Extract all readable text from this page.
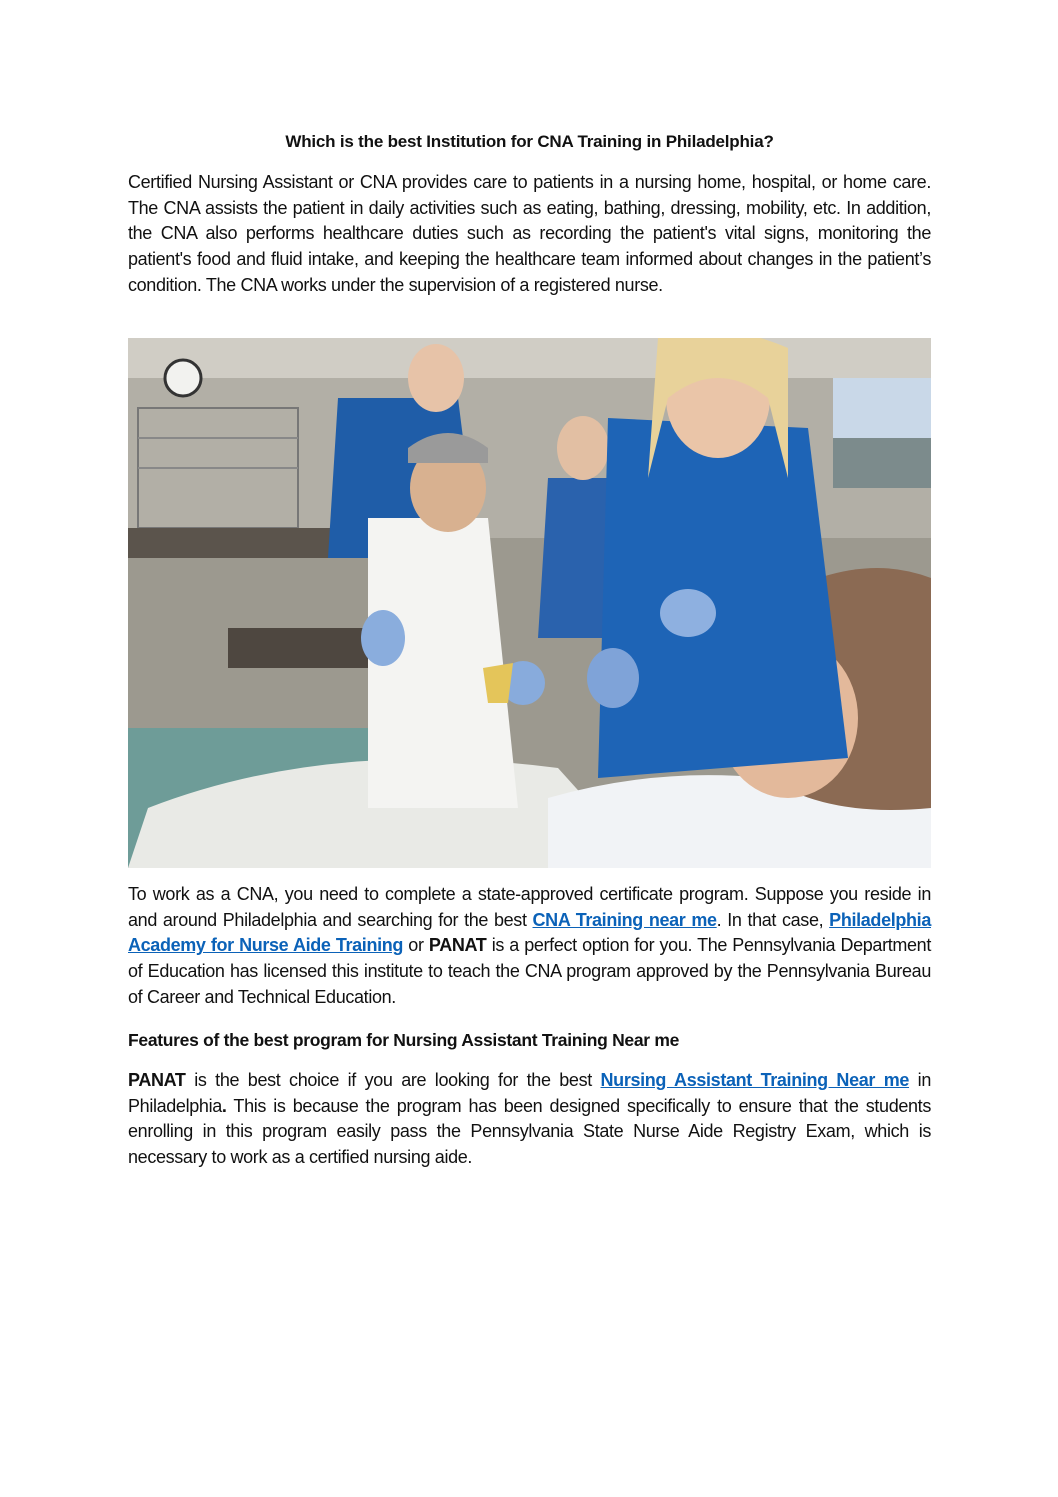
Which is the best Institution for CNA Training in Philadelphia?

Certified Nursing Assistant or CNA provides care to patients in a nursing home, hospital, or home care. The CNA assists the patient in daily activities such as eating, bathing, dressing, mobility, etc. In addition, the CNA also performs healthcare duties such as recording the patient's vital signs, monitoring the patient's food and fluid intake, and keeping the healthcare team informed about changes in the patient’s condition. The CNA works under the supervision of a registered nurse.

To work as a CNA, you need to complete a state-approved certificate program. Suppose you reside in and around Philadelphia and searching for the best CNA Training near me. In that case, Philadelphia Academy for Nurse Aide Training or PANAT is a perfect option for you. The Pennsylvania Department of Education has licensed this institute to teach the CNA program approved by the Pennsylvania Bureau of Career and Technical Education.

Features of the best program for Nursing Assistant Training Near me

PANAT is the best choice if you are looking for the best Nursing Assistant Training Near me in Philadelphia. This is because the program has been designed specifically to ensure that the students enrolling in this program easily pass the Pennsylvania State Nurse Aide Registry Exam, which is necessary to work as a certified nursing aide.
